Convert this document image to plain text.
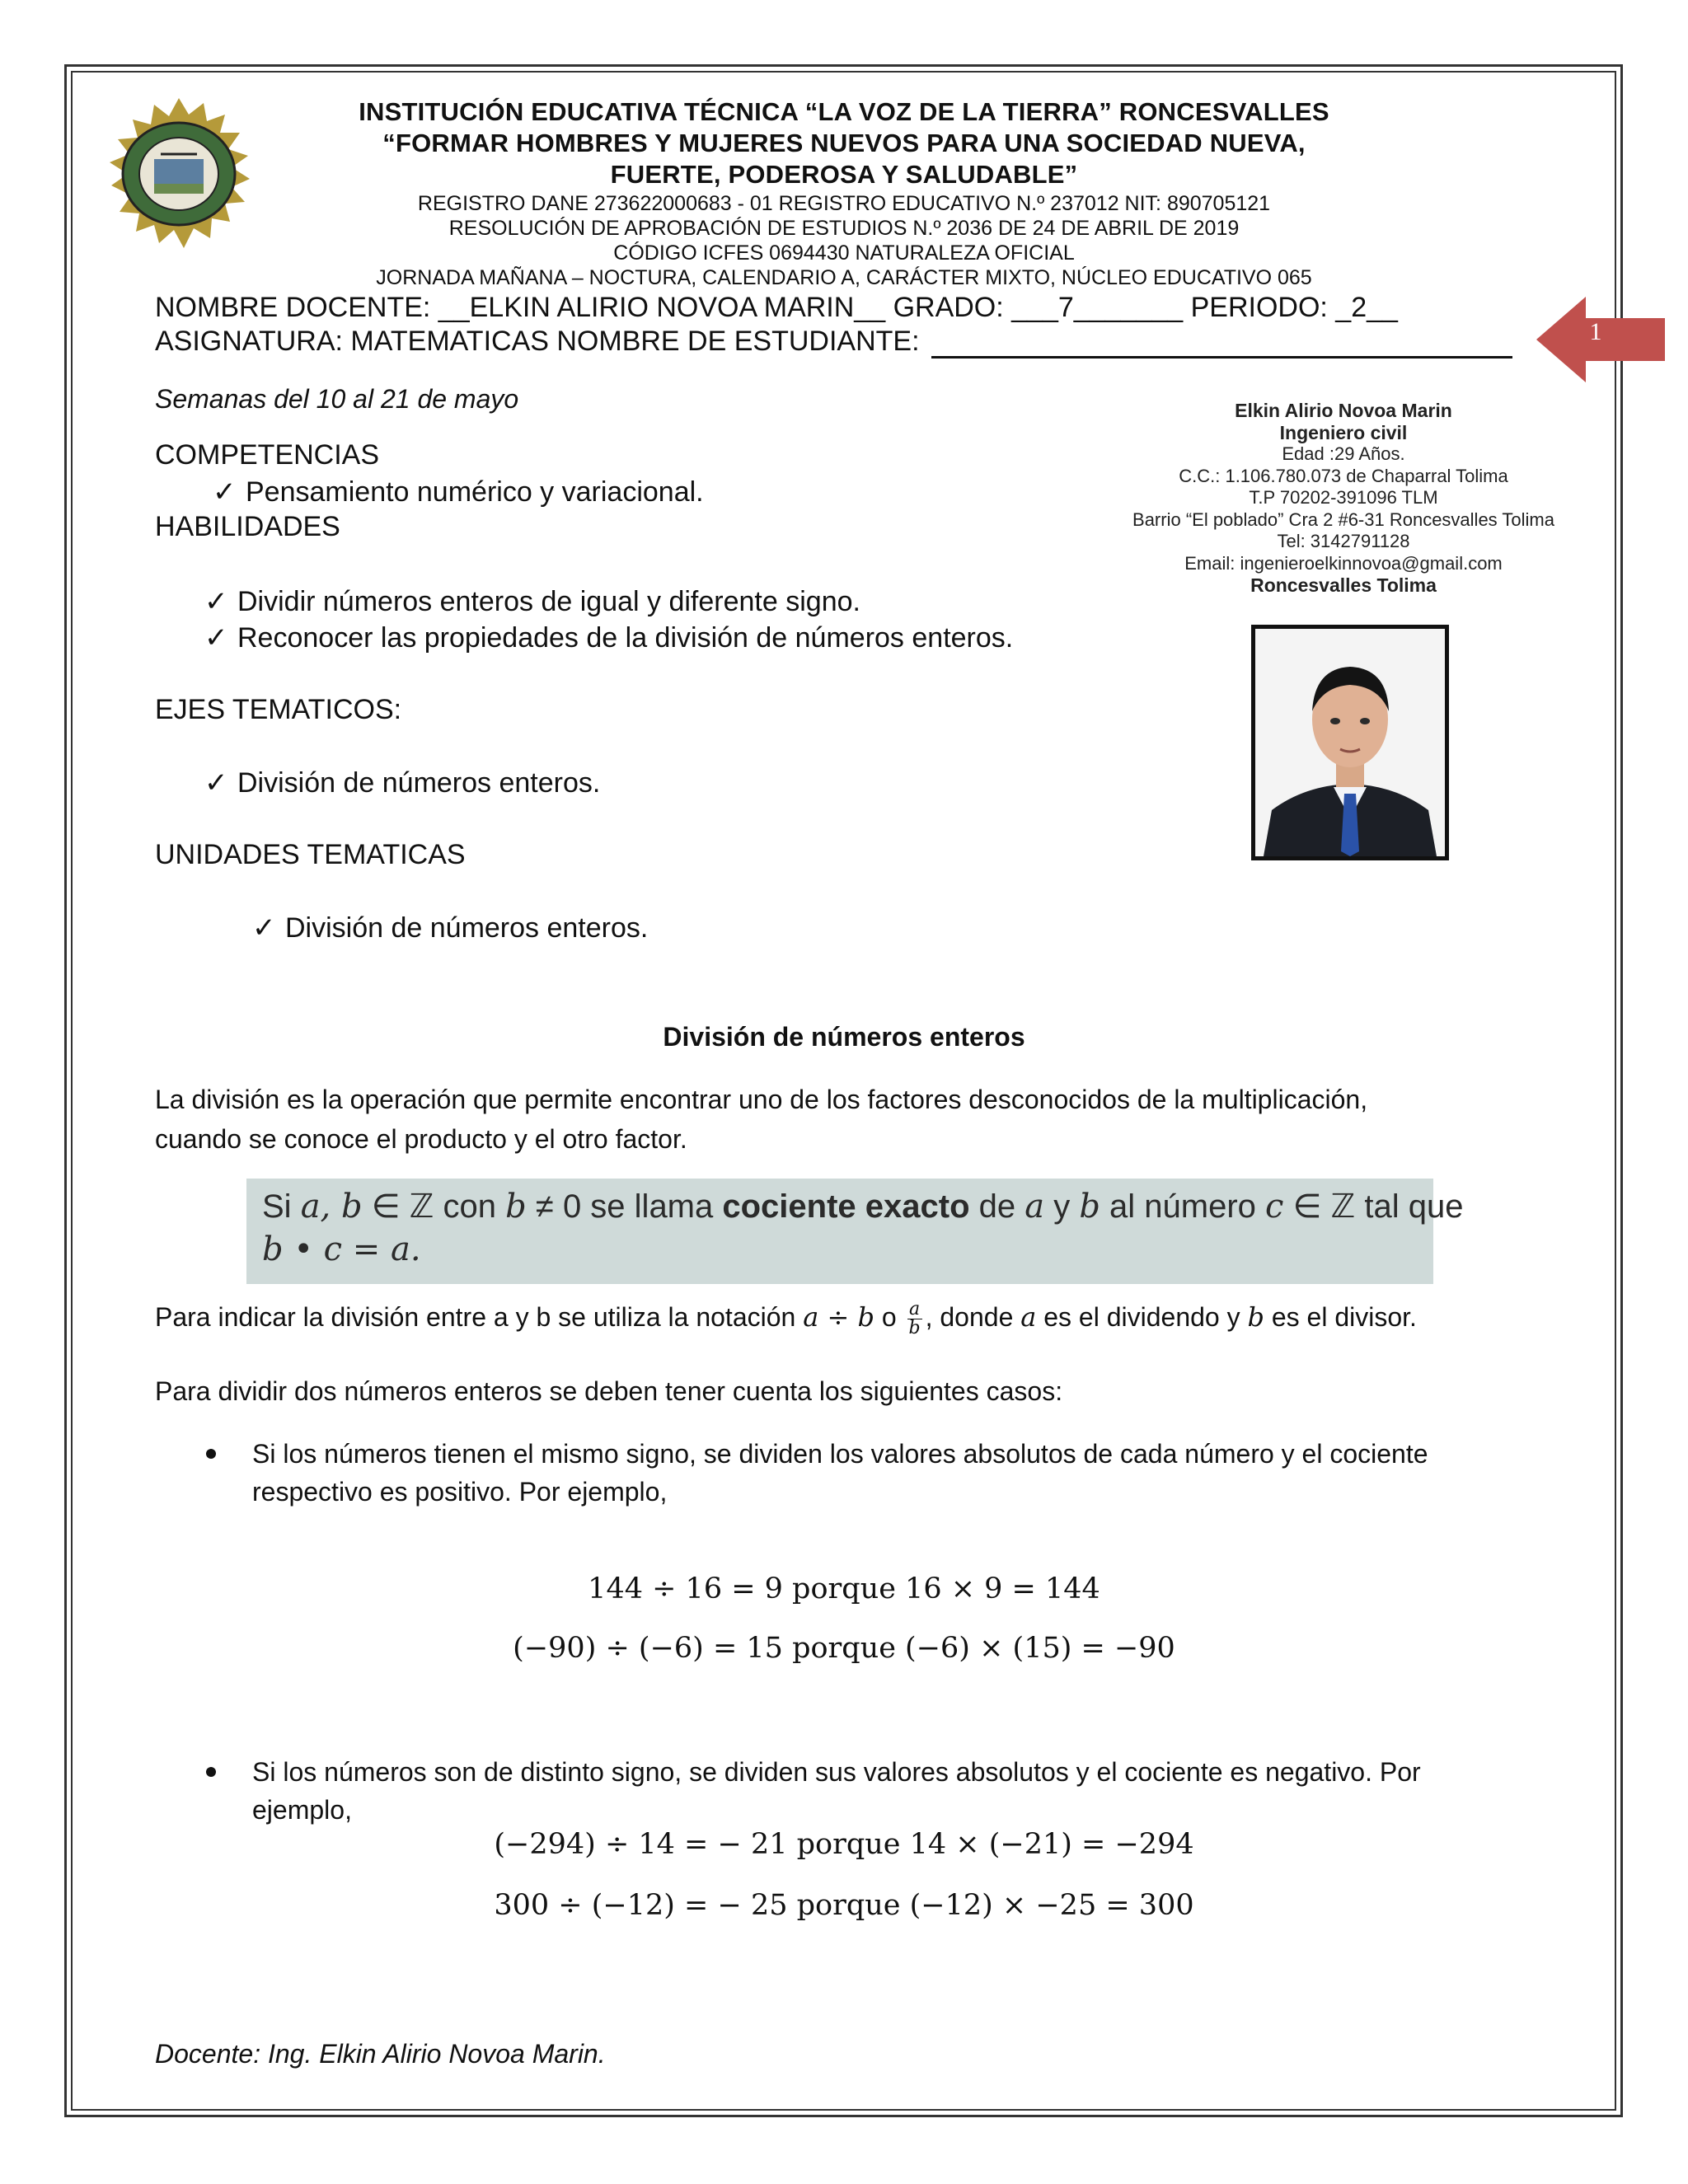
INSTITUCIÓN EDUCATIVA TÉCNICA “LA VOZ DE LA TIERRA” RONCESVALLES
“FORMAR HOMBRES Y MUJERES NUEVOS PARA UNA SOCIEDAD NUEVA,
FUERTE, PODEROSA Y SALUDABLE”
REGISTRO DANE 273622000683 - 01 REGISTRO EDUCATIVO N.º 237012 NIT: 890705121
RESOLUCIÓN DE APROBACIÓN DE ESTUDIOS N.º 2036 DE 24 DE ABRIL DE 2019
CÓDIGO ICFES 0694430 NATURALEZA OFICIAL
JORNADA MAÑANA – NOCTURA, CALENDARIO A, CARÁCTER MIXTO, NÚCLEO EDUCATIVO 065
NOMBRE DOCENTE: __ELKIN ALIRIO NOVOA MARIN__ GRADO: ___7_______ PERIODO: _2__
ASIGNATURA: MATEMATICAS NOMBRE DE ESTUDIANTE:	1
Semanas del 10 al 21 de mayo
COMPETENCIAS
✓ Pensamiento numérico y variacional.
HABILIDADES
✓ Dividir números enteros de igual y diferente signo.
✓ Reconocer las propiedades de la división de números enteros.
EJES TEMATICOS:
✓ División de números enteros.
UNIDADES TEMATICAS
✓ División de números enteros.
Elkin Alirio Novoa Marin
Ingeniero civil
Edad :29 Años.
C.C.: 1.106.780.073 de Chaparral Tolima
T.P 70202-391096 TLM
Barrio “El poblado” Cra 2 #6-31 Roncesvalles Tolima
Tel: 3142791128
Email: ingenieroelkinnovoa@gmail.com
Roncesvalles Tolima
División de números enteros
La división es la operación que permite encontrar uno de los factores desconocidos de la multiplicación,
cuando se conoce el producto y el otro factor.
Si a, b ∈ ℤ con b ≠ 0 se llama cociente exacto de a y b al número c ∈ ℤ tal que
b • c = a.
Para indicar la división entre a y b se utiliza la notación a ÷ b o $\frac{a}{b}$ , donde a es el dividendo y b es el divisor.
Para dividir dos números enteros se deben tener cuenta los siguientes casos:
Si los números tienen el mismo signo, se dividen los valores absolutos de cada número y el cociente
respectivo es positivo. Por ejemplo,
144 ÷ 16 = 9 porque 16 × 9 = 144
(−90) ÷ (−6) = 15 porque (−6) × (15) = −90
Si los números son de distinto signo, se dividen sus valores absolutos y el cociente es negativo. Por
ejemplo,
(−294) ÷ 14 = − 21 porque 14 × (−21) = −294
300 ÷ (−12) = − 25 porque (−12) × −25 = 300
Docente: Ing. Elkin Alirio Novoa Marin.
